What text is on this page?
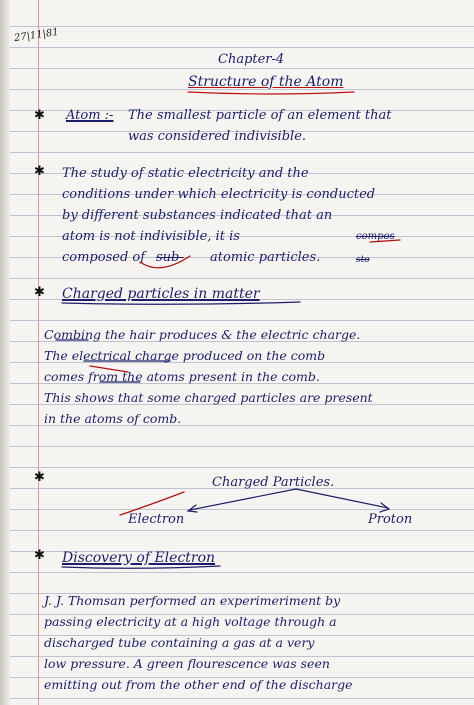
27|11|81
Chapter-4
Structure of the Atom
✱ Atom :- The smallest particle of an element that
was considered indivisible.
✱ The study of static electricity and the
conditions under which electricity is conducted
by different substances indicated that an
atom is not indivisible, it is	compos
composed of sub- atomic particles.	sto
✱ Charged particles in matter
Combing the hair produces & the electric charge.
The electrical charge produced on the comb
comes from the atoms present in the comb.
This shows that some charged particles are present
in the atoms of comb.
✱	Charged Particles.
Electron	Proton
✱ Discovery of Electron
J. J. Thomsan performed an experimeriment by
passing electricity at a high voltage through a
discharged tube containing a gas at a very
low pressure. A green flourescence was seen
emitting out from the other end of the discharge
